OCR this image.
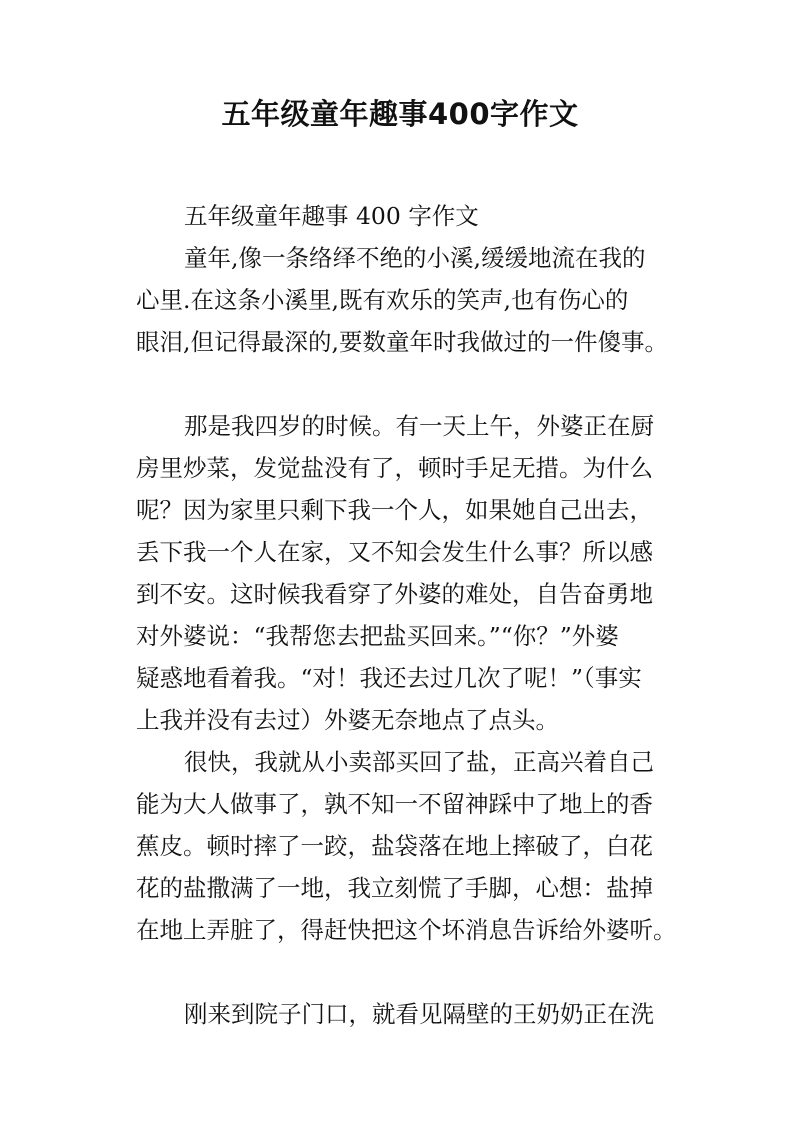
五年级童年趣事400字作文
五年级童年趣事 400 字作文
童年,像一条络绎不绝的小溪,缓缓地流在我的
心里.在这条小溪里,既有欢乐的笑声,也有伤心的
眼泪,但记得最深的,要数童年时我做过的一件傻事。
那是我四岁的时候。有一天上午，外婆正在厨
房里炒菜，发觉盐没有了，顿时手足无措。为什么
呢？因为家里只剩下我一个人，如果她自己出去，
丢下我一个人在家，又不知会发生什么事？所以感
到不安。这时候我看穿了外婆的难处，自告奋勇地
对外婆说：“我帮您去把盐买回来。”“你？”外婆
疑惑地看着我。“对！我还去过几次了呢！”（事实
上我并没有去过）外婆无奈地点了点头。
很快，我就从小卖部买回了盐，正高兴着自己
能为大人做事了，孰不知一不留神踩中了地上的香
蕉皮。顿时摔了一跤，盐袋落在地上摔破了，白花
花的盐撒满了一地，我立刻慌了手脚，心想：盐掉
在地上弄脏了，得赶快把这个坏消息告诉给外婆听。
刚来到院子门口，就看见隔壁的王奶奶正在洗
